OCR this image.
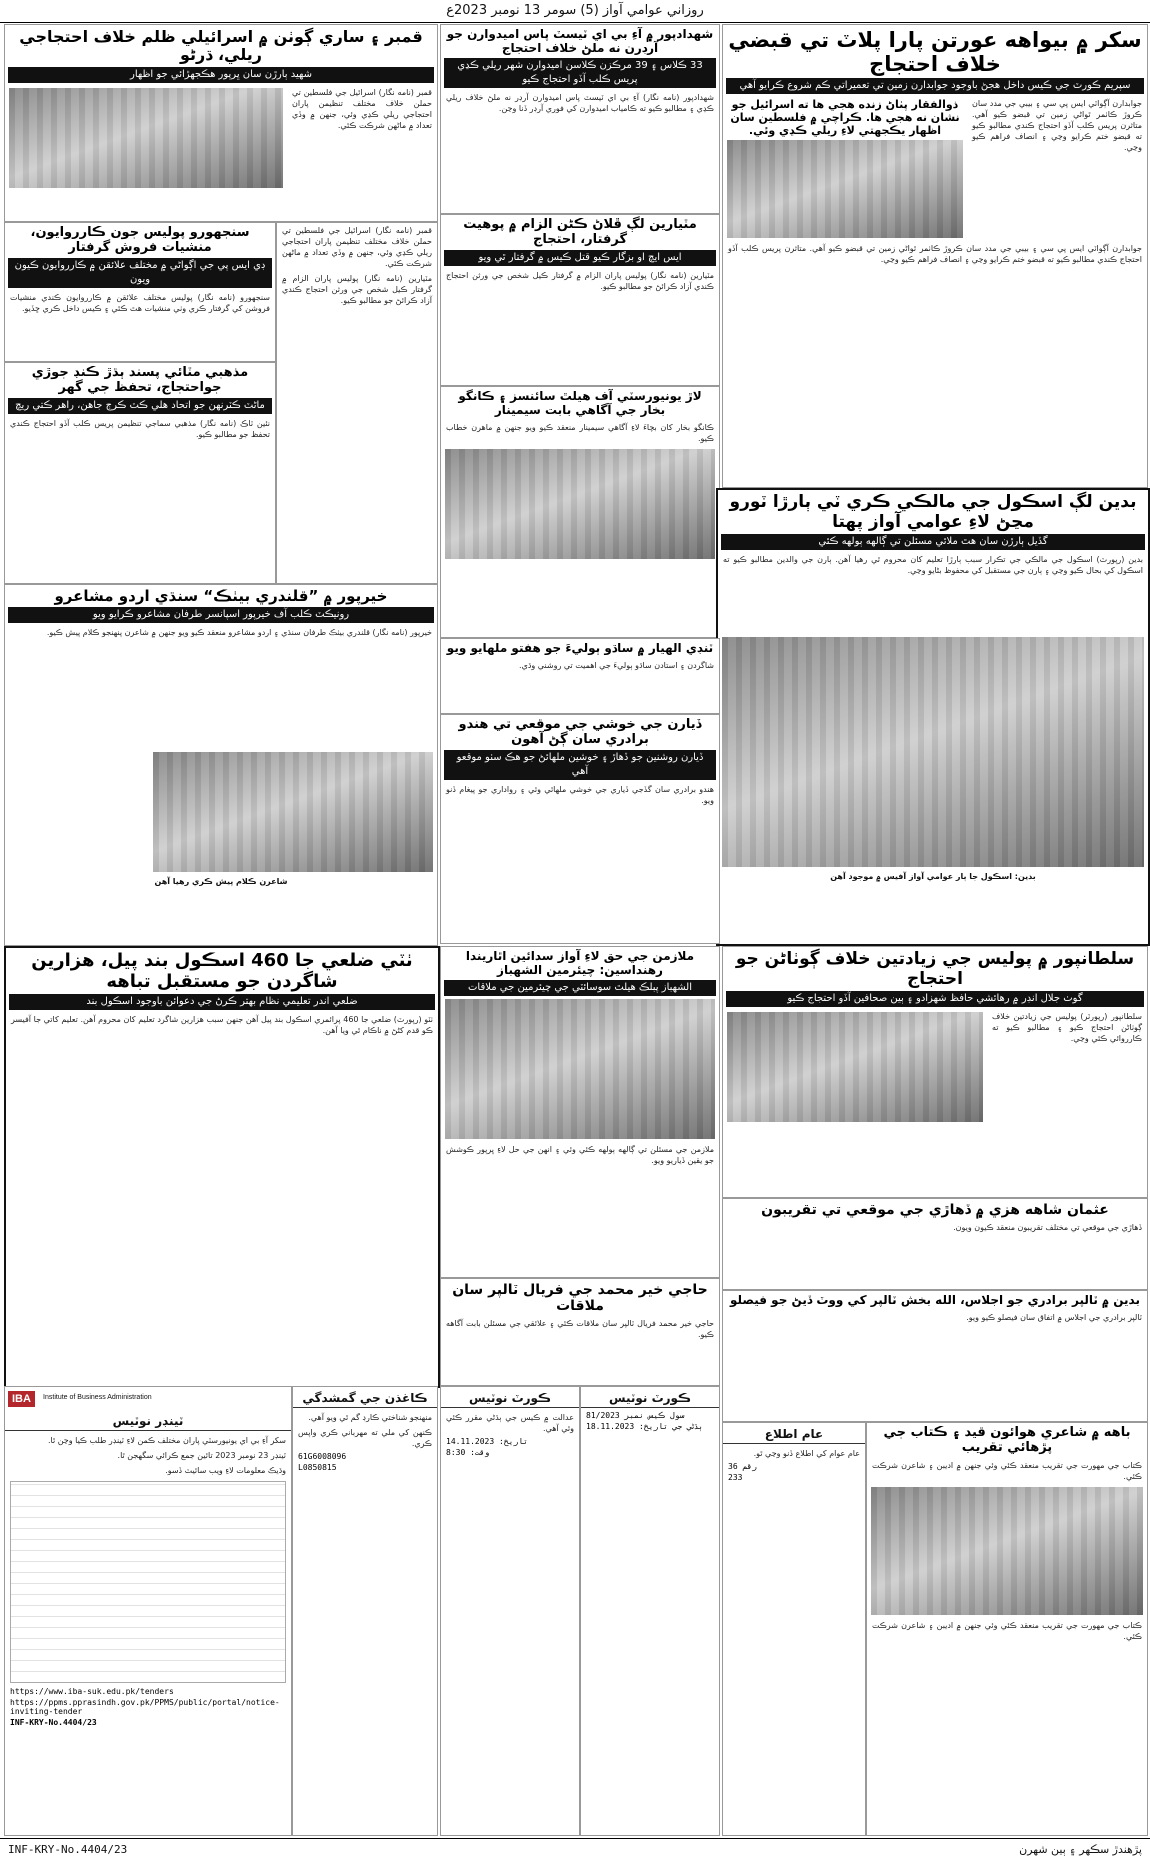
روزاني عوامي آواز (5) سومر 13 نومبر 2023ع
سکر ۾ بيواهه عورتن پارا پلاٽ تي قبضي خلاف احتجاج
سپريم ڪورٽ جي ڪيس داخل هجڻ باوجود جوابدارن زمين تي تعميراتي ڪم شروع ڪرايو آهي
جوابدارن آڳواٽي ايس پي سي ۽ بيبي جي مدد سان ڪروڙ ڪاٺمر ٿواڻي زمين تي قبضو ڪيو آهي. متاثرن پريس ڪلب آڏو احتجاج ڪندي مطالبو ڪيو ته قبضو ختم ڪرايو وڃي ۽ انصاف فراهم ڪيو وڃي.
ذوالفقار پٺاڻ زنده هجي ها ته اسرائيل جو نشان نه هجي ها. ڪراچي ۾ فلسطين سان اظهار يڪجهتي لاءِ ريلي ڪڍي وئي.
جوابدارن آڳواٽي ايس پي سي ۽ بيبي جي مدد سان ڪروڙ ڪاٺمر ٿواڻي زمين تي قبضو ڪيو آهي. متاثرن پريس ڪلب آڏو احتجاج ڪندي مطالبو ڪيو ته قبضو ختم ڪرايو وڃي ۽ انصاف فراهم ڪيو وڃي.
شهدادپور ۾ آءِ بي اي ٽيسٽ پاس اميدوارن جو آرڊرن نه ملڻ خلاف احتجاج
33 ڪلاس ۽ 39 مرڪزن ڪلاسن اميدوارن شهر ريلي ڪڍي پريس ڪلب آڏو احتجاج ڪيو
شهدادپور (نامه نگار) آءِ بي اي ٽيسٽ پاس اميدوارن آرڊر نه ملڻ خلاف ريلي ڪڍي ۽ مطالبو ڪيو ته ڪامياب اميدوارن کي فوري آرڊر ڏنا وڃن.
قمبر ۽ ساري ڳوٺن ۾ اسرائيلي ظلم خلاف احتجاجي ريلي، ڌرڻو
شهيد ٻارڙن سان ڀرپور هڪجهڙائي جو اظهار
قمبر (نامه نگار) اسرائيل جي فلسطين تي حملن خلاف مختلف تنظيمن پاران احتجاجي ريلي ڪڍي وئي، جنهن ۾ وڏي تعداد ۾ ماڻهن شرڪت ڪئي.
سنجهورو پوليس جون ڪارروايون، منشيات فروش گرفتار
ڊي ايس پي جي اڳواڻي ۾ مختلف علائقن ۾ ڪارروايون ڪيون ويون
سنجهورو (نامه نگار) پوليس مختلف علائقن ۾ ڪارروايون ڪندي منشيات فروشن کي گرفتار ڪري وٺي منشيات هٿ ڪئي ۽ ڪيس داخل ڪري ڇڏيو.
قمبر (نامه نگار) اسرائيل جي فلسطين تي حملن خلاف مختلف تنظيمن پاران احتجاجي ريلي ڪڍي وئي، جنهن ۾ وڏي تعداد ۾ ماڻهن شرڪت ڪئي.
مٽيارين (نامه نگار) پوليس پاران الزام ۾ گرفتار ڪيل شخص جي ورثن احتجاج ڪندي آزاد ڪرائڻ جو مطالبو ڪيو.
مٽيارين لڳ ڦلاڻ ڪڻن الزام ۾ پوهيت گرفتار، احتجاج
ايس ايچ او بزگار ڪيو قتل ڪيس ۾ گرفتار ٿي ويو
مٽيارين (نامه نگار) پوليس پاران الزام ۾ گرفتار ڪيل شخص جي ورثن احتجاج ڪندي آزاد ڪرائڻ جو مطالبو ڪيو.
مذهبي مٽائي پسند ٻڌڙ ڪنڊ جوڙي جواحتجاج، تحفظ جي گهر
ماڻٽ ڪٽرنهن جو اتحاد هلي ڪٽ ڪرڄ جاهن، راهر ڪتي ريچ
نئين ٽاڪ (نامه نگار) مذهبي سماجي تنظيمن پريس ڪلب آڏو احتجاج ڪندي تحفظ جو مطالبو ڪيو.
لاڙ يونيورسٽي آف هيلٿ سائنسز ۽ ڪانگو بخار جي آگاهي بابت سيمينار
ڪانگو بخار کان بچاءَ لاءِ آگاهي سيمينار منعقد ڪيو ويو جنهن ۾ ماهرن خطاب ڪيو.
بدين لڳ اسڪول جي مالڪي ڪري ٽي ٻارڙا ٽورو مڃڻ لاءِ عوامي آواز پهتا
گڏيل ٻارڙن سان هٿ ملائي مسئلن تي ڳالهه ٻولهه ڪئي
بدين (رپورٽ) اسڪول جي مالڪي جي تڪرار سبب ٻارڙا تعليم کان محروم ٿي رهيا آهن. ٻارن جي والدين مطالبو ڪيو ته اسڪول کي بحال ڪيو وڃي ۽ ٻارن جي مستقبل کي محفوظ بڻايو وڃي.
بدين: اسڪول جا ٻار عوامي آواز آفيس ۾ موجود آهن
خيرپور ۾ ”قلندري بيٺڪ“ سنڌي اردو مشاعرو
رونيڪٽ ڪلب آف خيرپور اسپانسر طرفان مشاعرو ڪرايو ويو
خيرپور (نامه نگار) قلندري بيٺڪ طرفان سنڌي ۽ اردو مشاعرو منعقد ڪيو ويو جنهن ۾ شاعرن پنهنجو ڪلام پيش ڪيو.
شاعرن ڪلام پيش ڪري رهيا آهن
ٽنڊي الهيار ۾ ساڌو ٻوليءَ جو هفتو ملهايو ويو
شاگردن ۽ استادن ساڌو ٻوليءَ جي اهميت تي روشني وڌي.
ڏيارن جي خوشي جي موقعي تي هندو برادري سان ڳڻ آهون
ڏيارن روشنين جو ڏهاڙ ۽ خوشين ملهائڻ جو هڪ سٺو موقعو آهي
هندو برادري سان گڏجي ڏياري جي خوشي ملهائي وئي ۽ رواداري جو پيغام ڏنو ويو.
ٺٽي ضلعي جا 460 اسڪول بند پيل، هزارين شاگردن جو مستقبل تباهه
ضلعي اندر تعليمي نظام بهتر ڪرڻ جي دعوائن باوجود اسڪول بند
ٺٽو (رپورٽ) ضلعي جا 460 پرائمري اسڪول بند پيل آهن جنهن سبب هزارين شاگرد تعليم کان محروم آهن. تعليم کاتي جا آفيسر ڪو قدم کڻڻ ۾ ناڪام ٿي ويا آهن.
ملازمن جي حق لاءِ آواز سدائين اٿاريندا رهنداسين: چيئرمين الشهباز
الشهباز پبلڪ هيلٿ سوسائٽي جي چيئرمين جي ملاقات
ملازمن جي مسئلن تي ڳالهه ٻولهه ڪئي وئي ۽ انهن جي حل لاءِ ڀرپور ڪوشش جو يقين ڏياريو ويو.
حاجي خير محمد جي فريال ٽالپر سان ملاقات
حاجي خير محمد فريال ٽالپر سان ملاقات ڪئي ۽ علائقي جي مسئلن بابت آگاهه ڪيو.
سلطانپور ۾ پوليس جي زيادتين خلاف ڳوٺاڻن جو احتجاج
گوٺ جلال انڊر ۾ رهائشي حافظ شهزادو ۽ ٻين صحافين آڏو احتجاج ڪيو
سلطانپور (رپورٽر) پوليس جي زيادتين خلاف ڳوٺاڻن احتجاج ڪيو ۽ مطالبو ڪيو ته ڪارروائي ڪئي وڃي.
عثمان شاهه هزي ۾ ڏهاڙي جي موقعي تي تقريبون
ڏهاڙي جي موقعي تي مختلف تقريبون منعقد ڪيون ويون.
بدين ۾ ٽالپر برادري جو اجلاس، الله بخش ٽالپر کي ووٽ ڏيڻ جو فيصلو
ٽالپر برادري جي اجلاس ۾ اتفاق سان فيصلو ڪيو ويو.
باهه ۾ شاعري هوائون قيد ۽ ڪتاب جي پڙهائي تقريب
ڪتاب جي مهورت جي تقريب منعقد ڪئي وئي جنهن ۾ اديبن ۽ شاعرن شرڪت ڪئي.
ڪتاب جي مهورت جي تقريب منعقد ڪئي وئي جنهن ۾ اديبن ۽ شاعرن شرڪت ڪئي.
IBA Institute of Business Administration
ٽينڊر نوٽيس
سکر آءِ بي اي يونيورسٽي پاران مختلف ڪمن لاءِ ٽينڊر طلب ڪيا وڃن ٿا.
ٽينڊر 23 نومبر 2023 تائين جمع ڪرائي سگهجن ٿا.
وڌيڪ معلومات لاءِ ويب سائيٽ ڏسو.
https://www.iba-suk.edu.pk/tenders
https://ppms.pprasindh.gov.pk/PPMS/public/portal/notice-inviting-tender
INF-KRY-No.4404/23
ڪاغذن جي گمشدگي
منهنجو شناختي ڪارڊ گم ٿي ويو آهي.
ڪنهن کي ملي ته مهرباني ڪري واپس ڪري.
61G6008096
L0850815
ڪورٽ نوٽيس
عدالت ۾ ڪيس جي ٻڌڻي مقرر ڪئي وئي آهي.
تاريخ: 14.11.2023
وقت: 8:30
ڪورٽ نوٽيس
سول ڪيس نمبر 81/2023
ٻڌڻي جي تاريخ: 18.11.2023
عام اطلاع
عام عوام کي اطلاع ڏنو وڃي ٿو.
رقم 36
233
پڙهندڙ سڪهر ۽ ٻين شهرن
INF-KRY-No.4404/23
